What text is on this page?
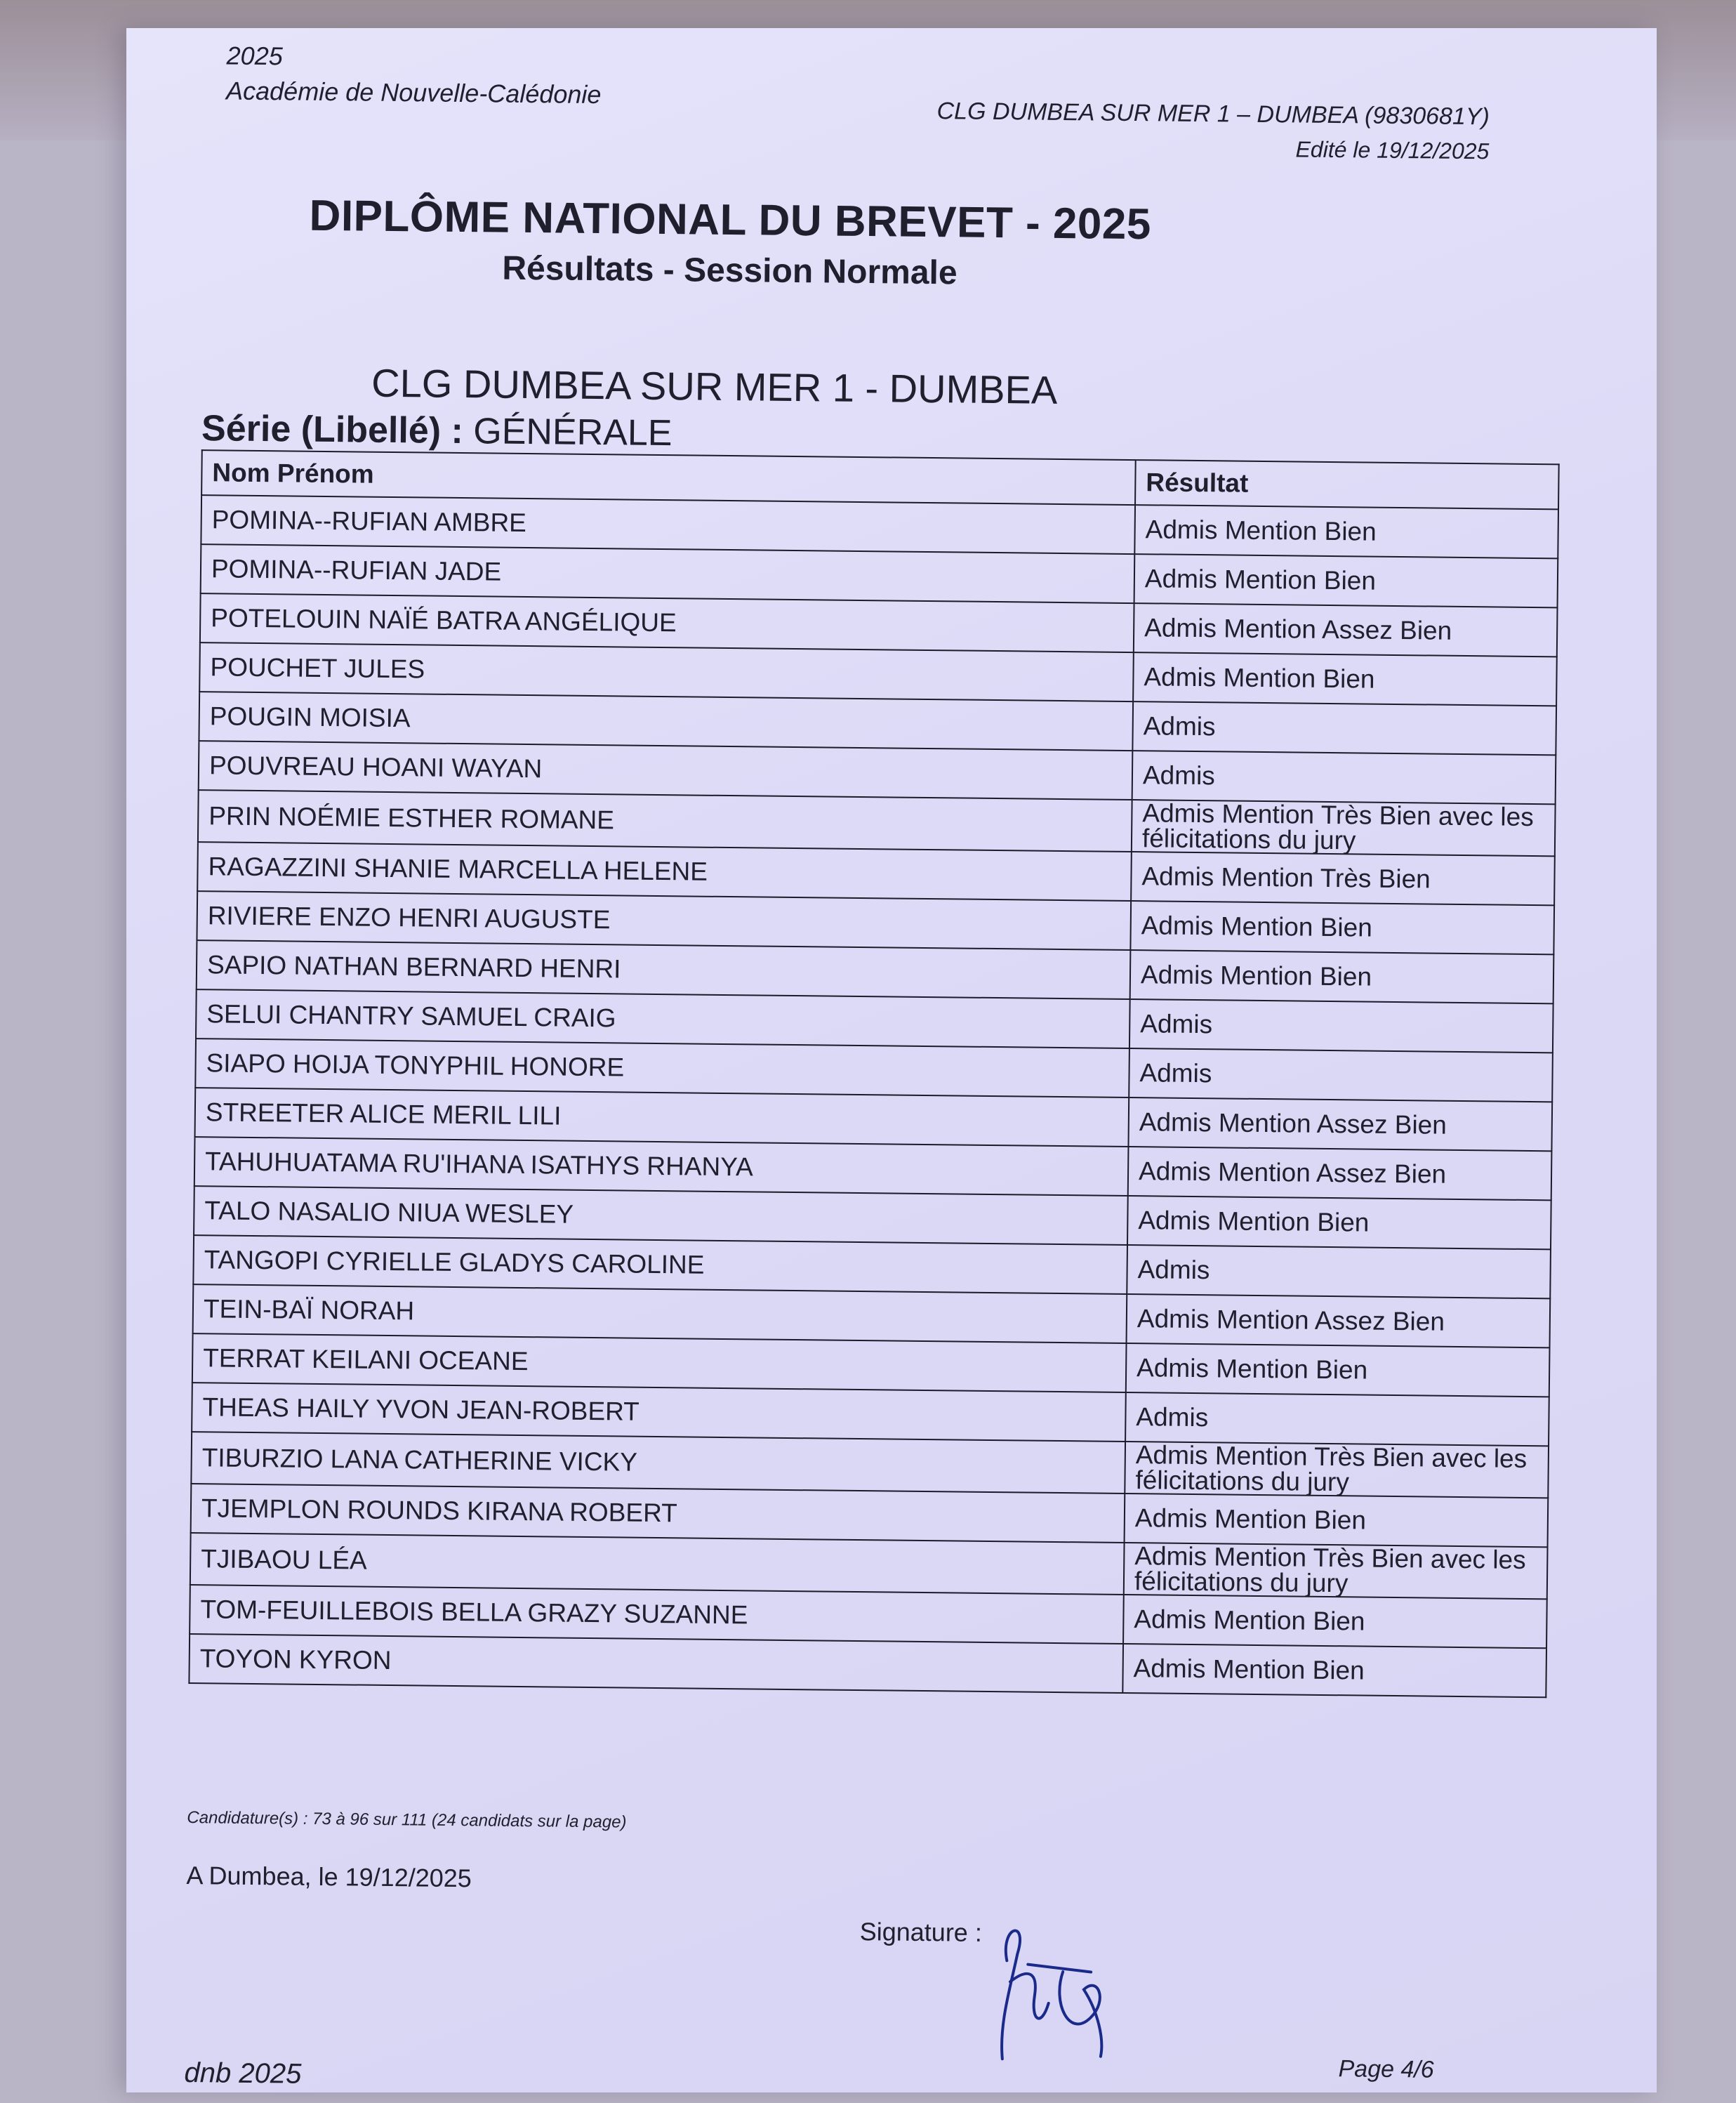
2025
Académie de Nouvelle-Calédonie
CLG DUMBEA SUR MER 1 – DUMBEA (9830681Y)
Edité le 19/12/2025
DIPLÔME NATIONAL DU BREVET - 2025
Résultats - Session Normale
CLG DUMBEA SUR MER 1 - DUMBEA
Série (Libellé) : GÉNÉRALE
Nom Prénom	Résultat
POMINA--RUFIAN AMBRE	Admis Mention Bien
POMINA--RUFIAN JADE	Admis Mention Bien
POTELOUIN NAÏÉ BATRA ANGÉLIQUE	Admis Mention Assez Bien
POUCHET JULES	Admis Mention Bien
POUGIN MOISIA	Admis
POUVREAU HOANI WAYAN	Admis
PRIN NOÉMIE ESTHER ROMANE	Admis Mention Très Bien avec les félicitations du jury
RAGAZZINI SHANIE MARCELLA HELENE	Admis Mention Très Bien
RIVIERE ENZO HENRI AUGUSTE	Admis Mention Bien
SAPIO NATHAN BERNARD HENRI	Admis Mention Bien
SELUI CHANTRY SAMUEL CRAIG	Admis
SIAPO HOIJA TONYPHIL HONORE	Admis
STREETER ALICE MERIL LILI	Admis Mention Assez Bien
TAHUHUATAMA RU'IHANA ISATHYS RHANYA	Admis Mention Assez Bien
TALO NASALIO NIUA WESLEY	Admis Mention Bien
TANGOPI CYRIELLE GLADYS CAROLINE	Admis
TEIN-BAÏ NORAH	Admis Mention Assez Bien
TERRAT KEILANI OCEANE	Admis Mention Bien
THEAS HAILY YVON JEAN-ROBERT	Admis
TIBURZIO LANA CATHERINE VICKY	Admis Mention Très Bien avec les félicitations du jury
TJEMPLON ROUNDS KIRANA ROBERT	Admis Mention Bien
TJIBAOU LÉA	Admis Mention Très Bien avec les félicitations du jury
TOM-FEUILLEBOIS BELLA GRAZY SUZANNE	Admis Mention Bien
TOYON KYRON	Admis Mention Bien
Candidature(s) : 73 à 96 sur 111 (24 candidats sur la page)
A Dumbea, le 19/12/2025
Signature :
dnb 2025	Page 4/6
